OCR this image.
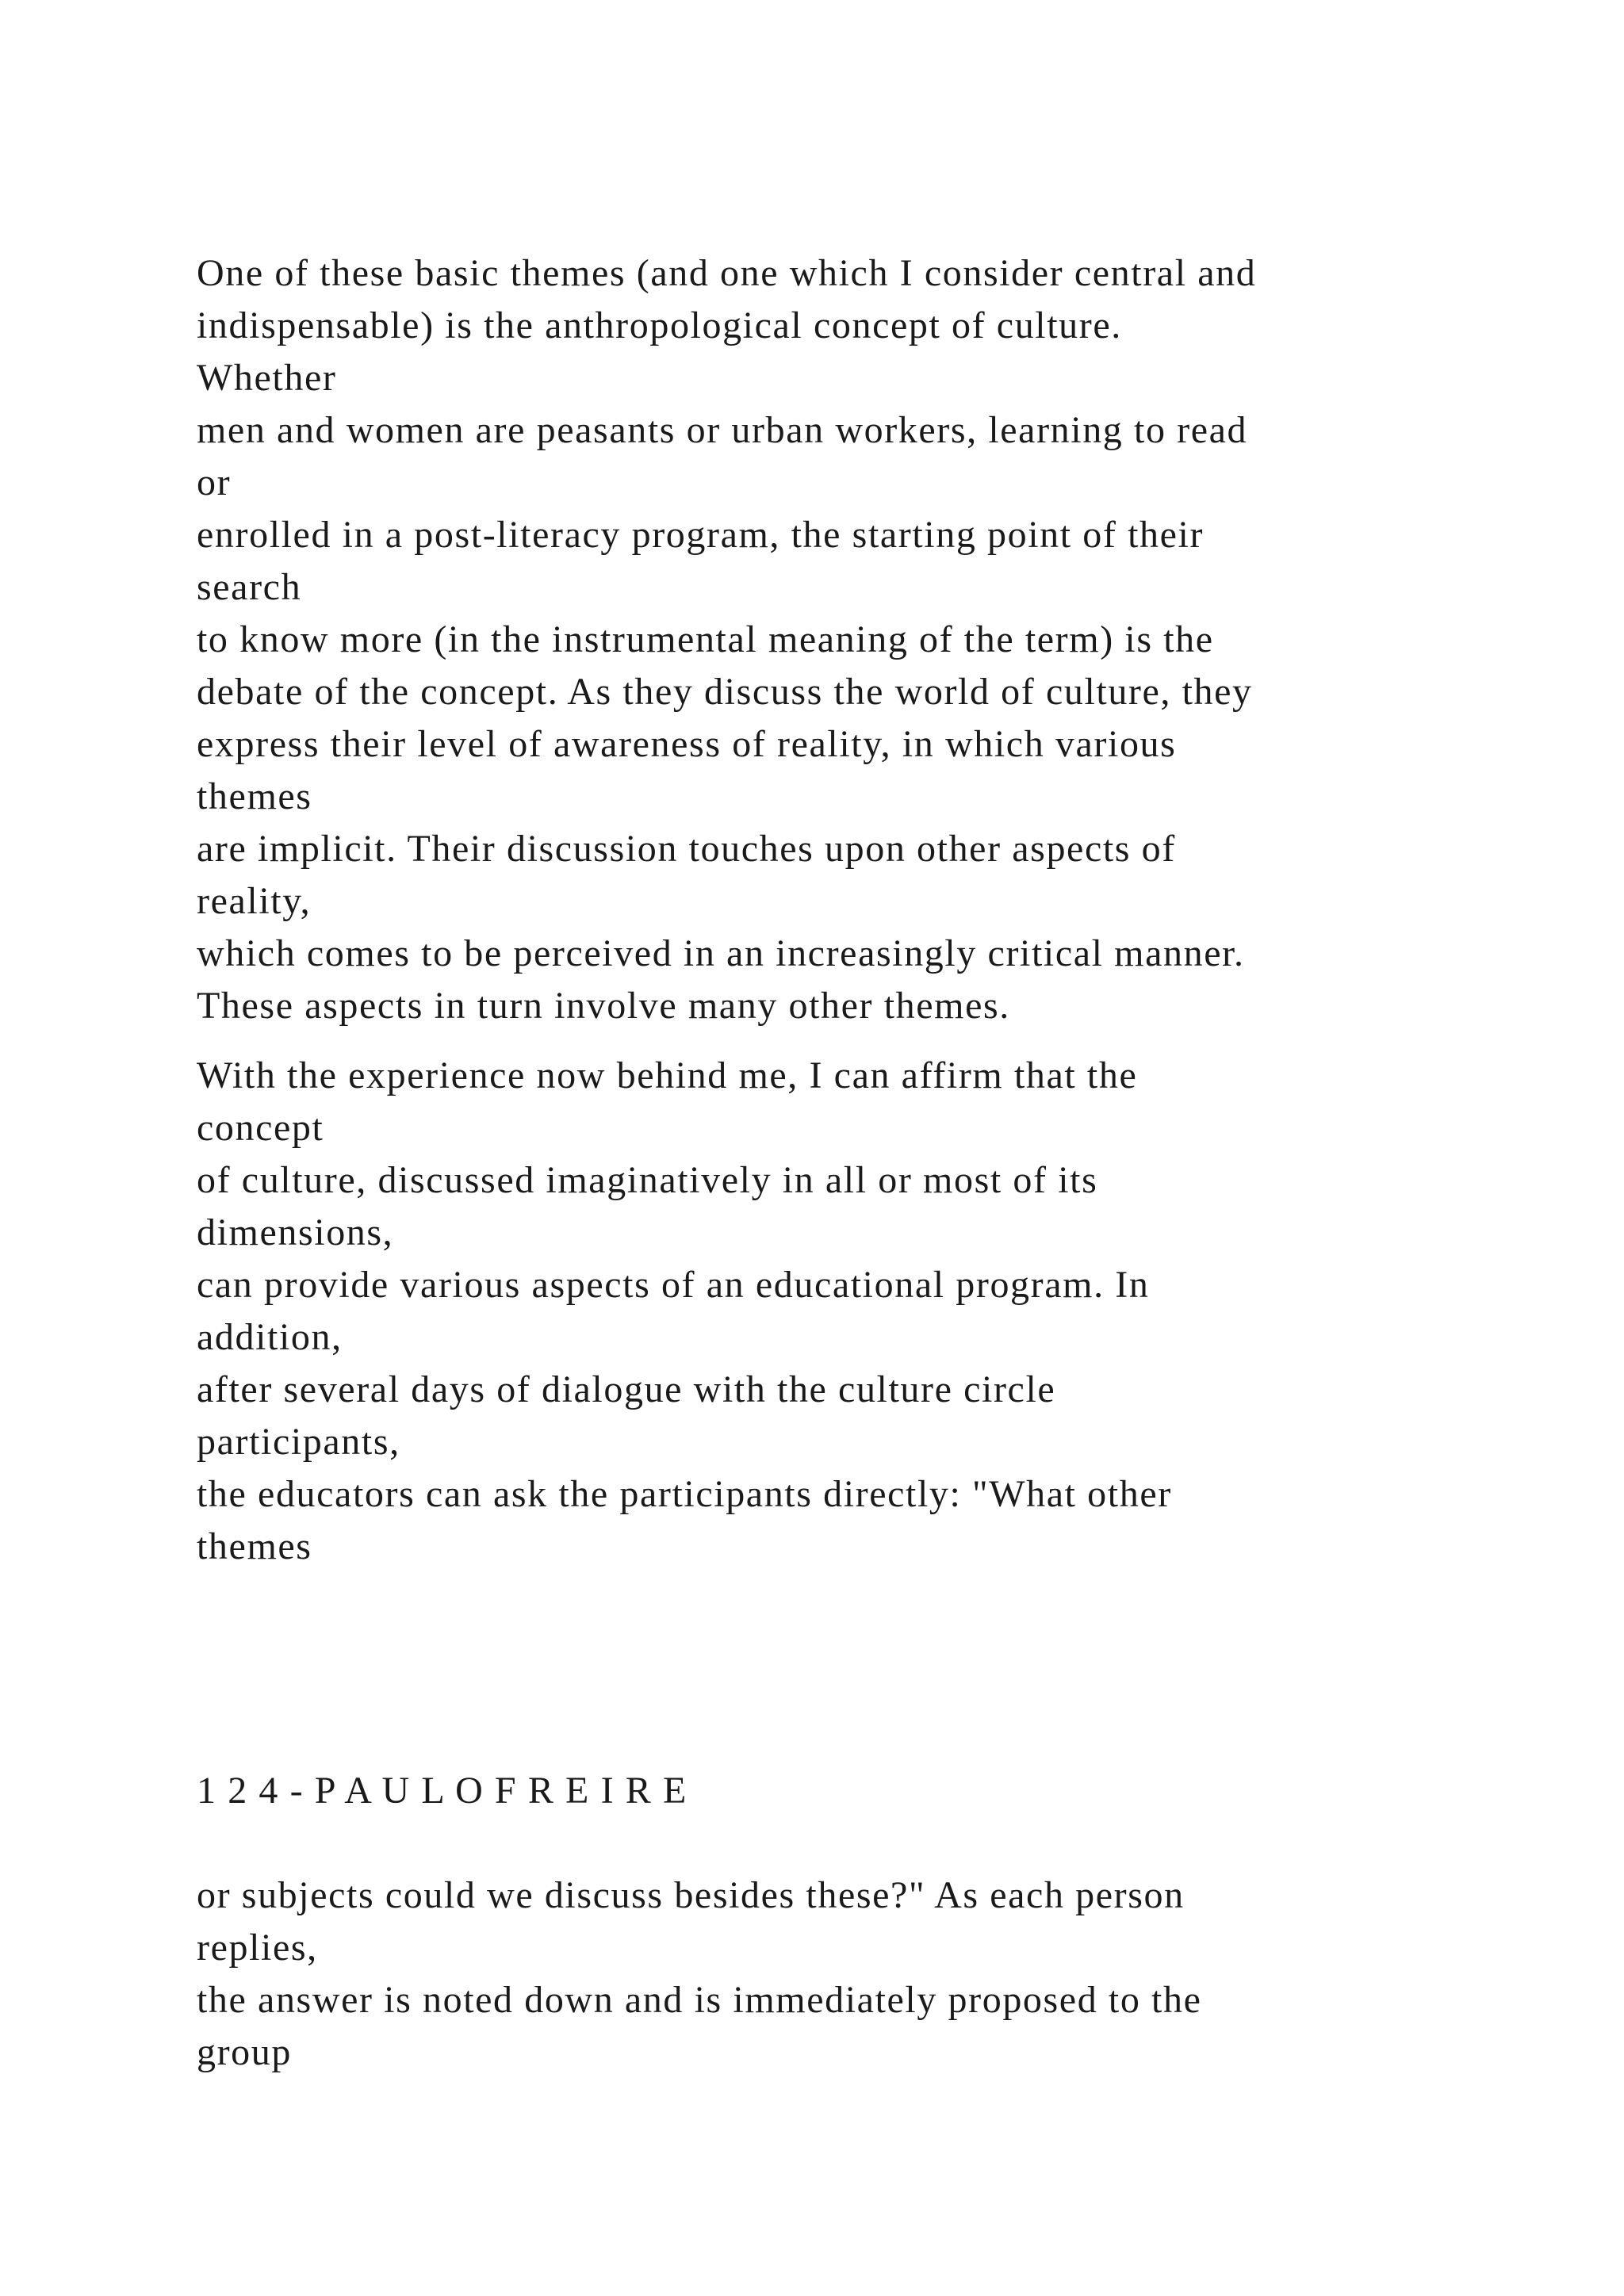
One of these basic themes (and one which I consider central and
indispensable) is the anthropological concept of culture.
Whether
men and women are peasants or urban workers, learning to read
or
enrolled in a post-literacy program, the starting point of their
search
to know more (in the instrumental meaning of the term) is the
debate of the concept. As they discuss the world of culture, they
express their level of awareness of reality, in which various
themes
are implicit. Their discussion touches upon other aspects of
reality,
which comes to be perceived in an increasingly critical manner.
These aspects in turn involve many other themes.
With the experience now behind me, I can affirm that the
concept
of culture, discussed imaginatively in all or most of its
dimensions,
can provide various aspects of an educational program. In
addition,
after several days of dialogue with the culture circle
participants,
the educators can ask the participants directly: "What other
themes
1 2 4 - P A U L O F R E I R E
or subjects could we discuss besides these?" As each person
replies,
the answer is noted down and is immediately proposed to the
group
